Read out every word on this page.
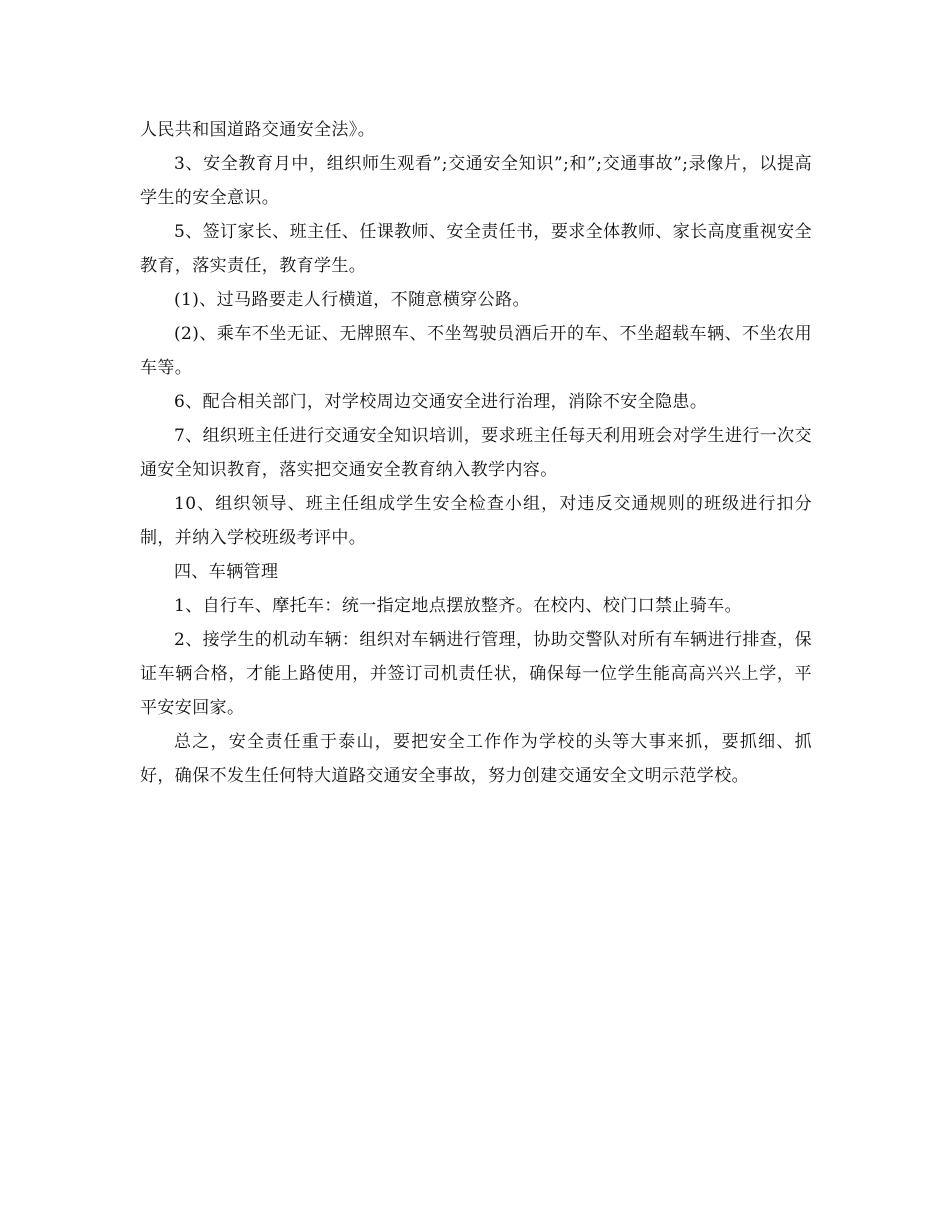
人民共和国道路交通安全法》。

3、安全教育月中，组织师生观看”;交通安全知识”;和”;交通事故”;录像片，以提高学生的安全意识。

5、签订家长、班主任、任课教师、安全责任书，要求全体教师、家长高度重视安全教育，落实责任，教育学生。

(1)、过马路要走人行横道，不随意横穿公路。

(2)、乘车不坐无证、无牌照车、不坐驾驶员酒后开的车、不坐超载车辆、不坐农用车等。

6、配合相关部门，对学校周边交通安全进行治理，消除不安全隐患。

7、组织班主任进行交通安全知识培训，要求班主任每天利用班会对学生进行一次交通安全知识教育，落实把交通安全教育纳入教学内容。

10、组织领导、班主任组成学生安全检查小组，对违反交通规则的班级进行扣分制，并纳入学校班级考评中。

四、车辆管理

1、自行车、摩托车：统一指定地点摆放整齐。在校内、校门口禁止骑车。

2、接学生的机动车辆：组织对车辆进行管理，协助交警队对所有车辆进行排查，保证车辆合格，才能上路使用，并签订司机责任状，确保每一位学生能高高兴兴上学，平平安安回家。

总之，安全责任重于泰山，要把安全工作作为学校的头等大事来抓，要抓细、抓好，确保不发生任何特大道路交通安全事故，努力创建交通安全文明示范学校。
